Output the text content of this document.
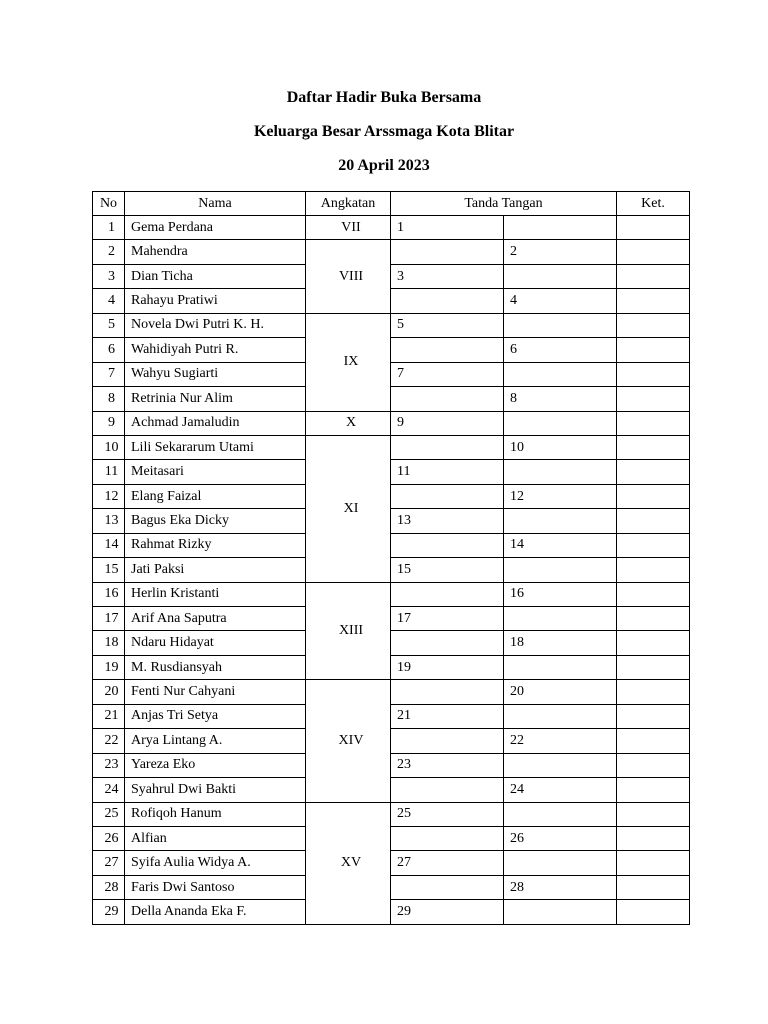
Daftar Hadir Buka Bersama
Keluarga Besar Arssmaga Kota Blitar
20 April 2023
No	Nama	Angkatan	Tanda Tangan		Ket.
1	Gema Perdana	VII	1		
2	Mahendra	VIII		2	
3	Dian Ticha		3		
4	Rahayu Pratiwi			4	
5	Novela Dwi Putri K. H.	IX	5		
6	Wahidiyah Putri R.			6	
7	Wahyu Sugiarti		7		
8	Retrinia Nur Alim			8	
9	Achmad Jamaludin	X	9		
10	Lili Sekararum Utami	XI		10	
11	Meitasari		11		
12	Elang Faizal			12	
13	Bagus Eka Dicky		13		
14	Rahmat Rizky			14	
15	Jati Paksi		15		
16	Herlin Kristanti	XIII		16	
17	Arif Ana Saputra		17		
18	Ndaru Hidayat			18	
19	M. Rusdiansyah		19		
20	Fenti Nur Cahyani	XIV		20	
21	Anjas Tri Setya		21		
22	Arya Lintang A.			22	
23	Yareza Eko		23		
24	Syahrul Dwi Bakti			24	
25	Rofiqoh Hanum	XV	25		
26	Alfian			26	
27	Syifa Aulia Widya A.		27		
28	Faris Dwi Santoso			28	
29	Della Ananda Eka F.		29		
